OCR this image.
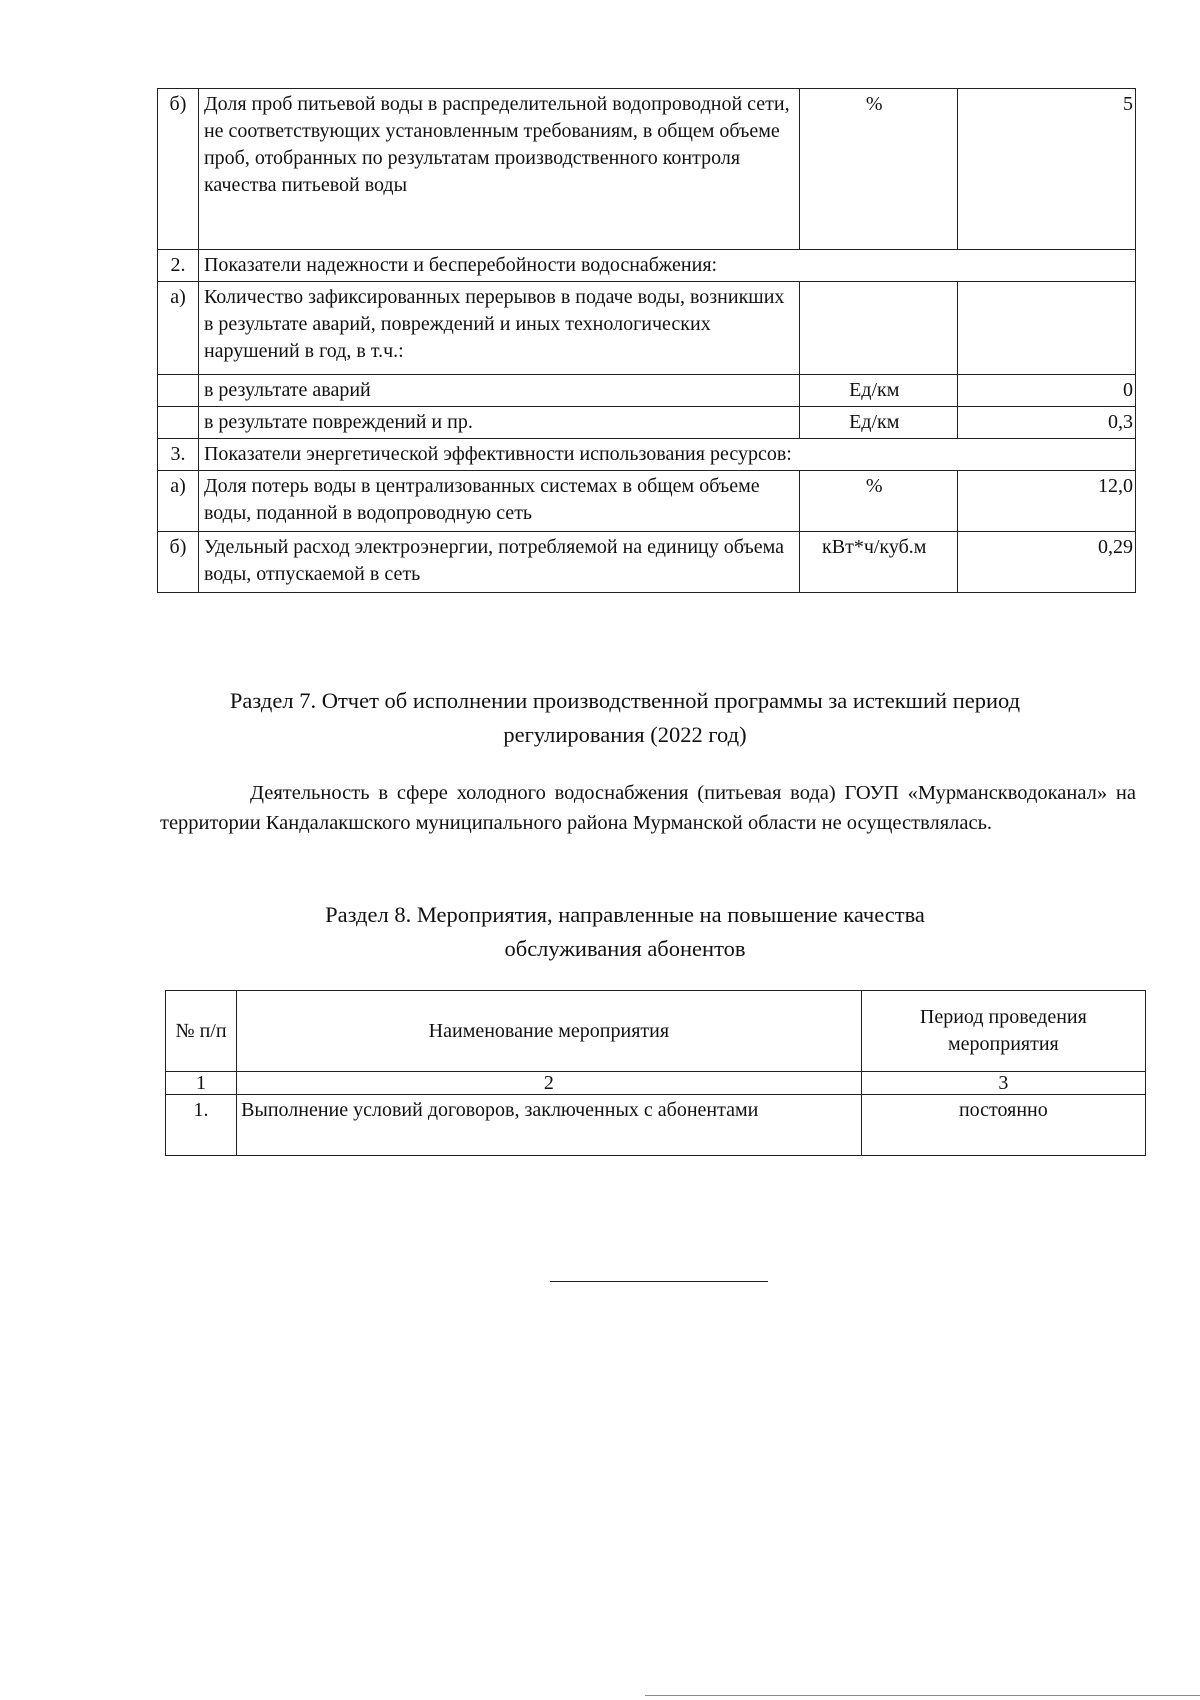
б)	Доля проб питьевой воды в распределительной водопроводной сети, не соответствующих установленным требованиям, в общем объеме проб, отобранных по результатам производственного контроля качества питьевой воды	%	5
2.	Показатели надежности и бесперебойности водоснабжения:		
а)	Количество зафиксированных перерывов в подаче воды, возникших в результате аварий, повреждений и иных технологических нарушений в год, в т.ч.:		
	в результате аварий	Ед/км	0
	в результате повреждений и пр.	Ед/км	0,3
3.	Показатели энергетической эффективности использования ресурсов:		
а)	Доля потерь воды в централизованных системах в общем объеме воды, поданной в водопроводную сеть	%	12,0
б)	Удельный расход электроэнергии, потребляемой на единицу объема воды, отпускаемой в сеть	кВт*ч/куб.м	0,29
Раздел 7. Отчет об исполнении производственной программы за истекший период
регулирования (2022 год)
Деятельность в сфере холодного водоснабжения (питьевая вода) ГОУП «Мурманскводоканал» на территории Кандалакшского муниципального района Мурманской области не осуществлялась.
Раздел 8. Мероприятия, направленные на повышение качества
обслуживания абонентов
№ п/п	Наименование мероприятия	Период проведения мероприятия
1	2	3
1.	Выполнение условий договоров, заключенных с абонентами	постоянно
